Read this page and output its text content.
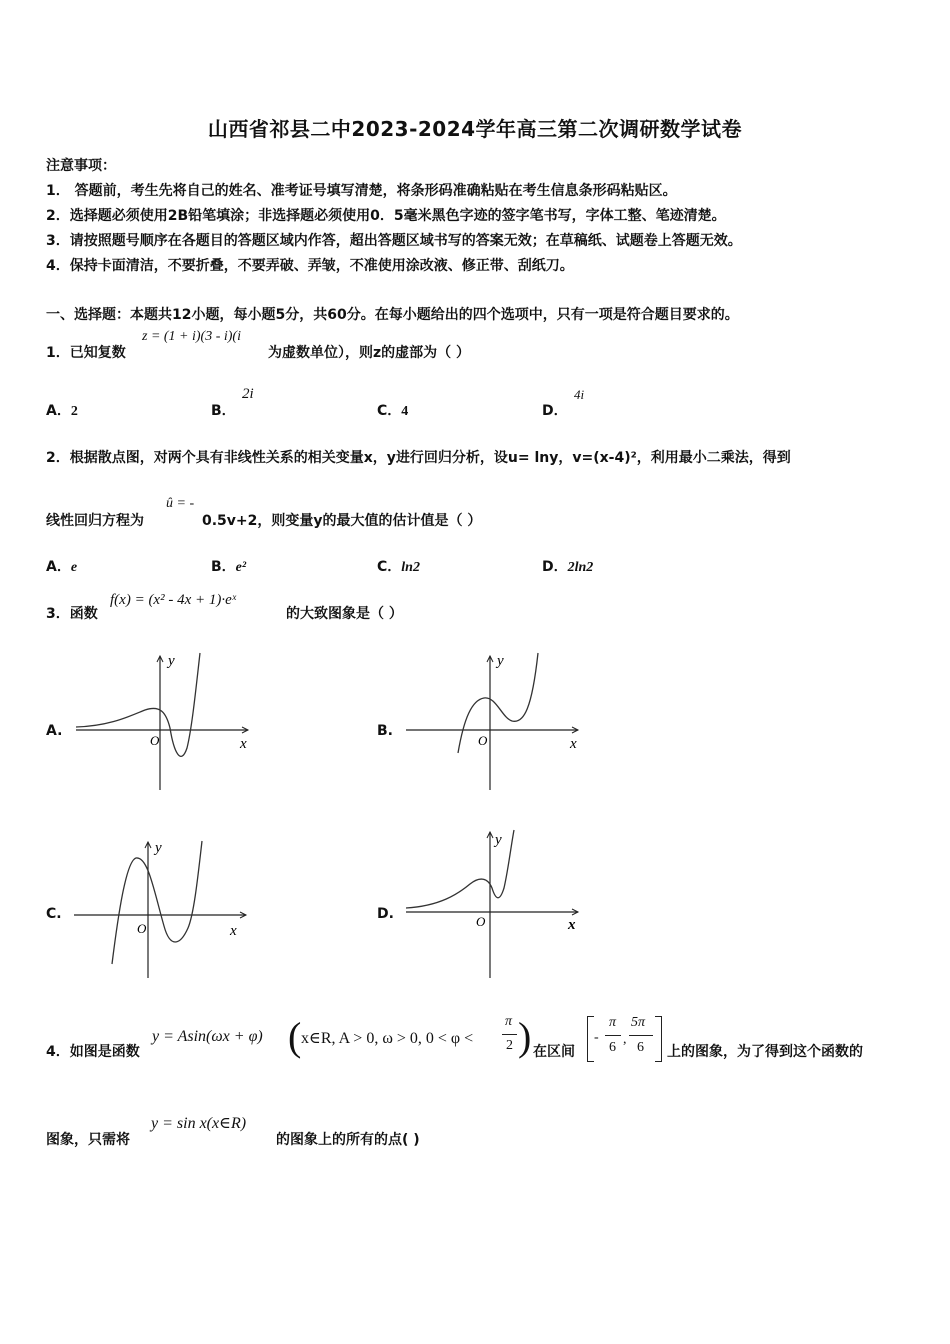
山西省祁县二中2023-2024学年高三第二次调研数学试卷
注意事项：
1． 答题前，考生先将自己的姓名、准考证号填写清楚，将条形码准确粘贴在考生信息条形码粘贴区。
2．选择题必须使用2B铅笔填涂；非选择题必须使用0．5毫米黑色字迹的签字笔书写，字体工整、笔迹清楚。
3．请按照题号顺序在各题目的答题区域内作答，超出答题区域书写的答案无效；在草稿纸、试题卷上答题无效。
4．保持卡面清洁，不要折叠，不要弄破、弄皱，不准使用涂改液、修正带、刮纸刀。
一、选择题：本题共12小题，每小题5分，共60分。在每小题给出的四个选项中，只有一项是符合题目要求的。
1．已知复数
z = (1 + i)(3 - i)(i
为虚数单位），则z的虚部为（ ）
A．2	B．
2i
C．4	D．
4i
2．根据散点图，对两个具有非线性关系的相关变量x，y进行回归分析，设u= lny，v=(x-4)²，利用最小二乘法，得到
线性回归方程为
û = -
0.5v+2，则变量y的最大值的估计值是（ ）
A．e	B．e²	C．ln2	D．2ln2
3．函数
f(x) = (x² - 4x + 1)·eˣ
的大致图象是（ ）
A.
O	x
y
B.
O	x
y
C.
O	x
y
D.	O	x
y
4．如图是函数
y = Asin(ωx + φ) ( x∈R, A > 0, ω > 0, 0 < φ <
π
2 ) 在区间
-
π
6
,
5π
6 上的图象，为了得到这个函数的
图象，只需将
y = sin x(x∈R)
的图象上的所有的点( )
